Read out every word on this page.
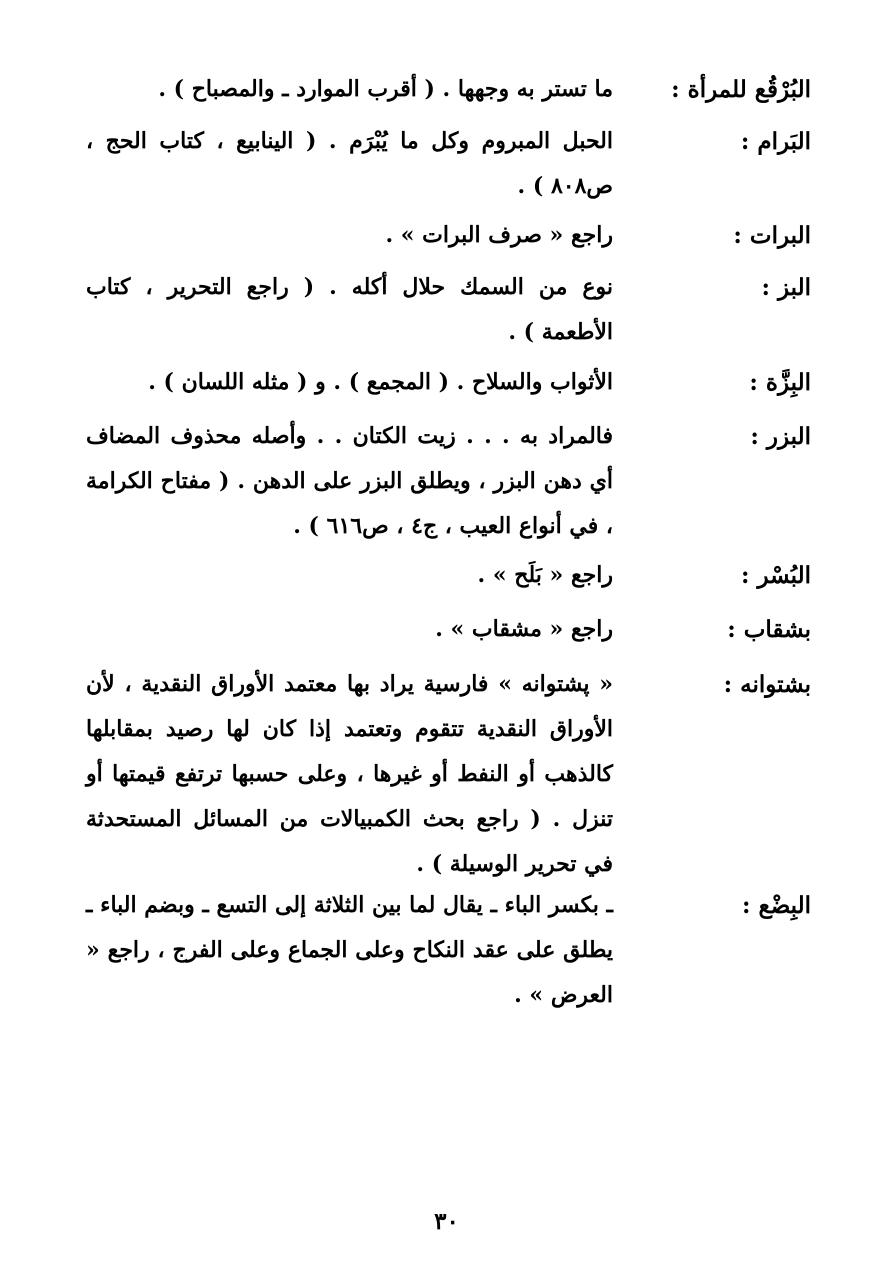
البُرْقُع للمرأة :
ما تستر به وجهها . ( أقرب الموارد ـ والمصباح ) .
البَرام :
الحبل المبروم وكل ما يُبْرَم . ( الينابيع ، كتاب الحج ، ص٨٠٨ ) .
البرات :
راجع « صرف البرات » .
البز :
نوع من السمك حلال أكله . ( راجع التحرير ، كتاب الأطعمة ) .
البِزَّة :
الأثواب والسلاح . ( المجمع ) . و ( مثله اللسان ) .
البزر :
فالمراد به . . . زيت الكتان . . وأصله محذوف المضاف أي دهن البزر ، ويطلق البزر على الدهن . ( مفتاح الكرامة ، في أنواع العيب ، ج٤ ، ص٦١٦ ) .
البُسْر :
راجع « بَلَح » .
بشقاب :
راجع « مشقاب » .
بشتوانه :
« پشتوانه » فارسية يراد بها معتمد الأوراق النقدية ، لأن الأوراق النقدية تتقوم وتعتمد إذا كان لها رصيد بمقابلها كالذهب أو النفط أو غيرها ، وعلى حسبها ترتفع قيمتها أو تنزل . ( راجع بحث الكمبيالات من المسائل المستحدثة في تحرير الوسيلة ) .
البِضْع :
ـ بكسر الباء ـ يقال لما بين الثلاثة إلى التسع ـ وبضم الباء ـ يطلق على عقد النكاح وعلى الجماع وعلى الفرج ، راجع « العرض » .
٣٠
